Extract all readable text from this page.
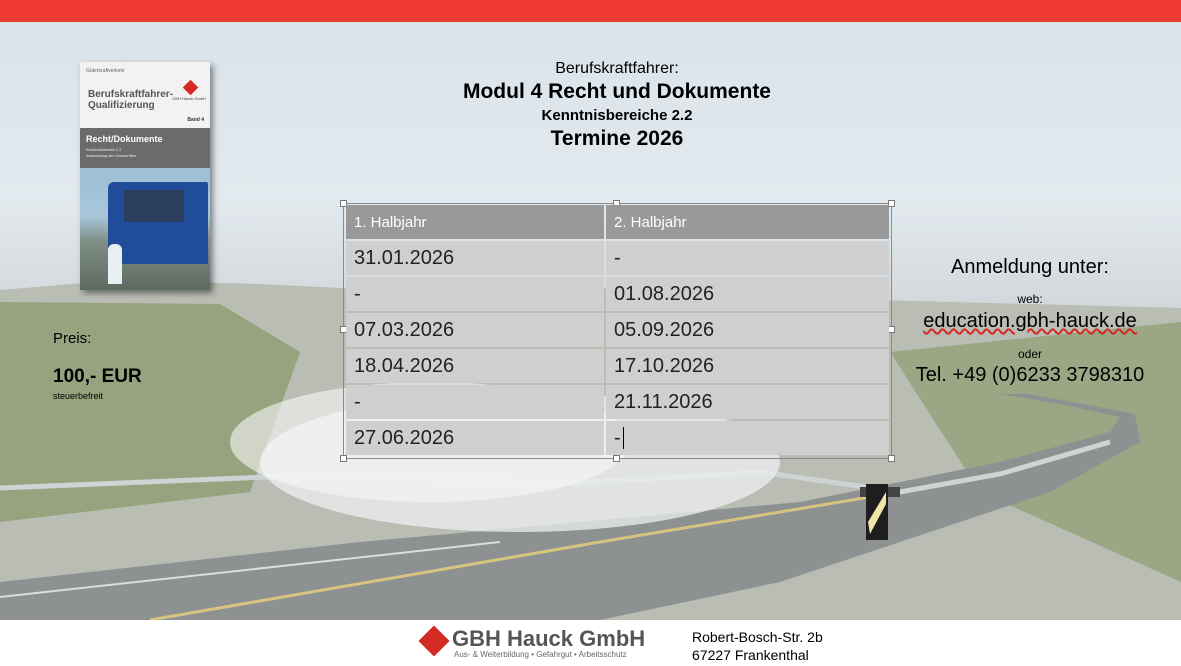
Güterkraftverkehr
GBH Hauck GmbH
Berufskraftfahrer-Qualifizierung
Band 4
Recht/Dokumente
Kenntnisbereich 2.2
Anwendung der Vorschriften
Berufskraftfahrer:
Modul 4 Recht und Dokumente
Kenntnisbereiche 2.2
Termine 2026
1. Halbjahr	2. Halbjahr
31.01.2026	-
-	01.08.2026
07.03.2026	05.09.2026
18.04.2026	17.10.2026
-	21.11.2026
27.06.2026	-
Preis:
100,- EUR
steuerbefreit
Anmeldung unter:
web:
education.gbh-hauck.de
oder
Tel. +49 (0)6233 3798310
GBH Hauck GmbH
Aus- & Weiterbildung • Gefahrgut • Arbeitsschutz
Robert-Bosch-Str. 2b
67227 Frankenthal
